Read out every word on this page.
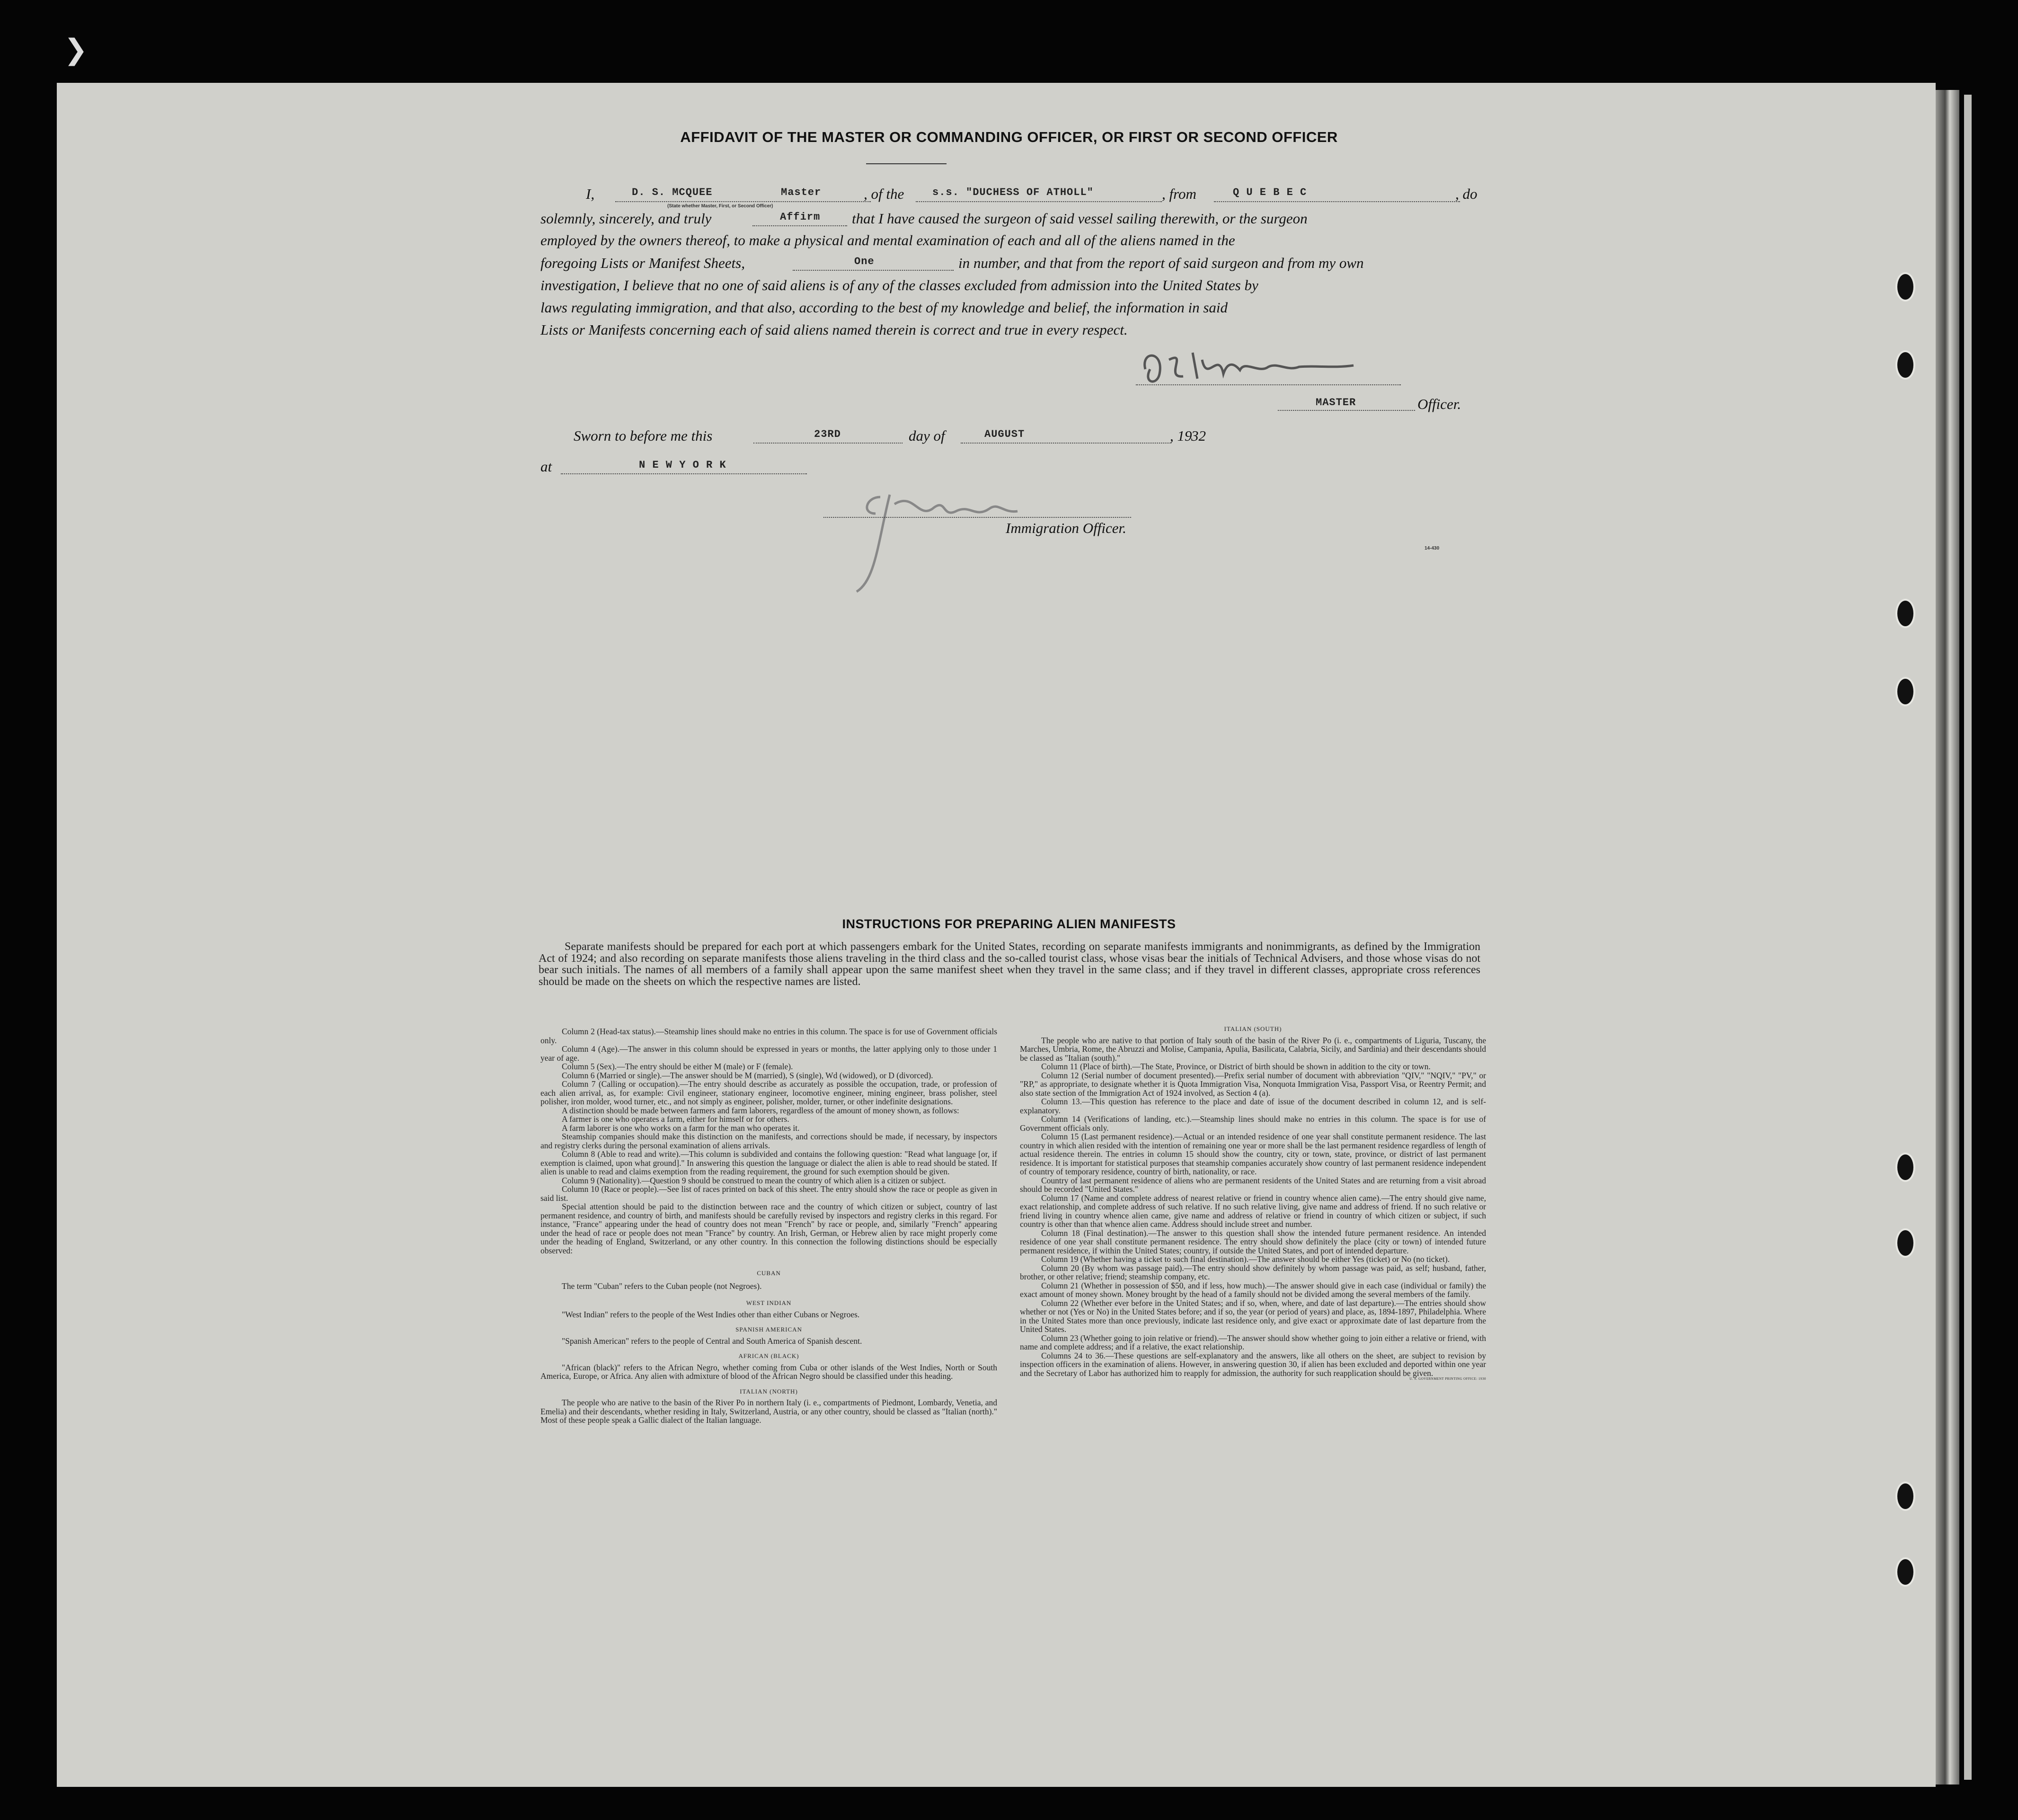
❯
AFFIDAVIT OF THE MASTER OR COMMANDING OFFICER, OR FIRST OR SECOND OFFICER
I,	D. S. MCQUEE	Master
(State whether Master, First, or Second Officer)
, of the	s.s. "DUCHESS OF ATHOLL"	, from	Q U E B E C	, do
solemnly, sincerely, and truly	Affirm that I have caused the surgeon of said vessel sailing therewith, or the surgeon
employed by the owners thereof, to make a physical and mental examination of each and all of the aliens named in the
foregoing Lists or Manifest Sheets,	One	in number, and that from the report of said surgeon and from my own
investigation, I believe that no one of said aliens is of any of the classes excluded from admission into the United States by
laws regulating immigration, and that also, according to the best of my knowledge and belief, the information in said
Lists or Manifests concerning each of said aliens named therein is correct and true in every respect.
MASTER	Officer.
Sworn to before me this	23RD	day of	AUGUST	, 19
32
at	N E W Y O R K
Immigration Officer.
14-430
INSTRUCTIONS FOR PREPARING ALIEN MANIFESTS
Separate manifests should be prepared for each port at which passengers embark for the United States, recording on separate manifests immigrants and nonimmigrants, as defined by the Immigration Act of 1924; and also recording on separate manifests those aliens traveling in the third class and the so-called tourist class, whose visas bear the initials of Technical Advisers, and those whose visas do not bear such initials. The names of all members of a family shall appear upon the same manifest sheet when they travel in the same class; and if they travel in different classes, appropriate cross references should be made on the sheets on which the respective names are listed.

Column 2 (Head-tax status).—Steamship lines should make no entries in this column. The space is for use of Government officials only.

Column 4 (Age).—The answer in this column should be expressed in years or months, the latter applying only to those under 1 year of age.

Column 5 (Sex).—The entry should be either M (male) or F (female).

Column 6 (Married or single).—The answer should be M (married), S (single), Wd (widowed), or D (divorced).

Column 7 (Calling or occupation).—The entry should describe as accurately as possible the occupation, trade, or profession of each alien arrival, as, for example: Civil engineer, stationary engineer, locomotive engineer, mining engineer, brass polisher, steel polisher, iron molder, wood turner, etc., and not simply as engineer, polisher, molder, turner, or other indefinite designations.

A distinction should be made between farmers and farm laborers, regardless of the amount of money shown, as follows:

A farmer is one who operates a farm, either for himself or for others.

A farm laborer is one who works on a farm for the man who operates it.

Steamship companies should make this distinction on the manifests, and corrections should be made, if necessary, by inspectors and registry clerks during the personal examination of aliens arrivals.

Column 8 (Able to read and write).—This column is subdivided and contains the following question: "Read what language [or, if exemption is claimed, upon what ground]." In answering this question the language or dialect the alien is able to read should be stated. If alien is unable to read and claims exemption from the reading requirement, the ground for such exemption should be given.

Column 9 (Nationality).—Question 9 should be construed to mean the country of which alien is a citizen or subject.

Column 10 (Race or people).—See list of races printed on back of this sheet. The entry should show the race or people as given in said list.

Special attention should be paid to the distinction between race and the country of which citizen or subject, country of last permanent residence, and country of birth, and manifests should be carefully revised by inspectors and registry clerks in this regard. For instance, "France" appearing under the head of country does not mean "French" by race or people, and, similarly "French" appearing under the head of race or people does not mean "France" by country. An Irish, German, or Hebrew alien by race might properly come under the heading of England, Switzerland, or any other country. In this connection the following distinctions should be especially observed:

CUBAN

The term "Cuban" refers to the Cuban people (not Negroes).

WEST INDIAN

"West Indian" refers to the people of the West Indies other than either Cubans or Negroes.

SPANISH AMERICAN

"Spanish American" refers to the people of Central and South America of Spanish descent.

AFRICAN (BLACK)

"African (black)" refers to the African Negro, whether coming from Cuba or other islands of the West Indies, North or South America, Europe, or Africa. Any alien with admixture of blood of the African Negro should be classified under this heading.

ITALIAN (NORTH)

The people who are native to the basin of the River Po in northern Italy (i. e., compartments of Piedmont, Lombardy, Venetia, and Emelia) and their descendants, whether residing in Italy, Switzerland, Austria, or any other country, should be classed as "Italian (north)." Most of these people speak a Gallic dialect of the Italian language.

ITALIAN (SOUTH)

The people who are native to that portion of Italy south of the basin of the River Po (i. e., compartments of Liguria, Tuscany, the Marches, Umbria, Rome, the Abruzzi and Molise, Campania, Apulia, Basilicata, Calabria, Sicily, and Sardinia) and their descendants should be classed as "Italian (south)."

Column 11 (Place of birth).—The State, Province, or District of birth should be shown in addition to the city or town.

Column 12 (Serial number of document presented).—Prefix serial number of document with abbreviation "QIV," "NQIV," "PV," or "RP," as appropriate, to designate whether it is Quota Immigration Visa, Nonquota Immigration Visa, Passport Visa, or Reentry Permit; and also state section of the Immigration Act of 1924 involved, as Section 4 (a).

Column 13.—This question has reference to the place and date of issue of the document described in column 12, and is self-explanatory.

Column 14 (Verifications of landing, etc.).—Steamship lines should make no entries in this column. The space is for use of Government officials only.

Column 15 (Last permanent residence).—Actual or an intended residence of one year shall constitute permanent residence. The last country in which alien resided with the intention of remaining one year or more shall be the last permanent residence regardless of length of actual residence therein. The entries in column 15 should show the country, city or town, state, province, or district of last permanent residence. It is important for statistical purposes that steamship companies accurately show country of last permanent residence independent of country of temporary residence, country of birth, nationality, or race.

Country of last permanent residence of aliens who are permanent residents of the United States and are returning from a visit abroad should be recorded "United States."

Column 17 (Name and complete address of nearest relative or friend in country whence alien came).—The entry should give name, exact relationship, and complete address of such relative. If no such relative living, give name and address of friend. If no such relative or friend living in country whence alien came, give name and address of relative or friend in country of which citizen or subject, if such country is other than that whence alien came. Address should include street and number.

Column 18 (Final destination).—The answer to this question shall show the intended future permanent residence. An intended residence of one year shall constitute permanent residence. The entry should show definitely the place (city or town) of intended future permanent residence, if within the United States; country, if outside the United States, and port of intended departure.

Column 19 (Whether having a ticket to such final destination).—The answer should be either Yes (ticket) or No (no ticket).

Column 20 (By whom was passage paid).—The entry should show definitely by whom passage was paid, as self; husband, father, brother, or other relative; friend; steamship company, etc.

Column 21 (Whether in possession of $50, and if less, how much).—The answer should give in each case (individual or family) the exact amount of money shown. Money brought by the head of a family should not be divided among the several members of the family.

Column 22 (Whether ever before in the United States; and if so, when, where, and date of last departure).—The entries should show whether or not (Yes or No) in the United States before; and if so, the year (or period of years) and place, as, 1894-1897, Philadelphia. Where in the United States more than once previously, indicate last residence only, and give exact or approximate date of last departure from the United States.

Column 23 (Whether going to join relative or friend).—The answer should show whether going to join either a relative or friend, with name and complete address; and if a relative, the exact relationship.

Columns 24 to 36.—These questions are self-explanatory and the answers, like all others on the sheet, are subject to revision by inspection officers in the examination of aliens. However, in answering question 30, if alien has been excluded and deported within one year and the Secretary of Labor has authorized him to reapply for admission, the authority for such reapplication should be given.

U. S. GOVERNMENT PRINTING OFFICE: 1930
